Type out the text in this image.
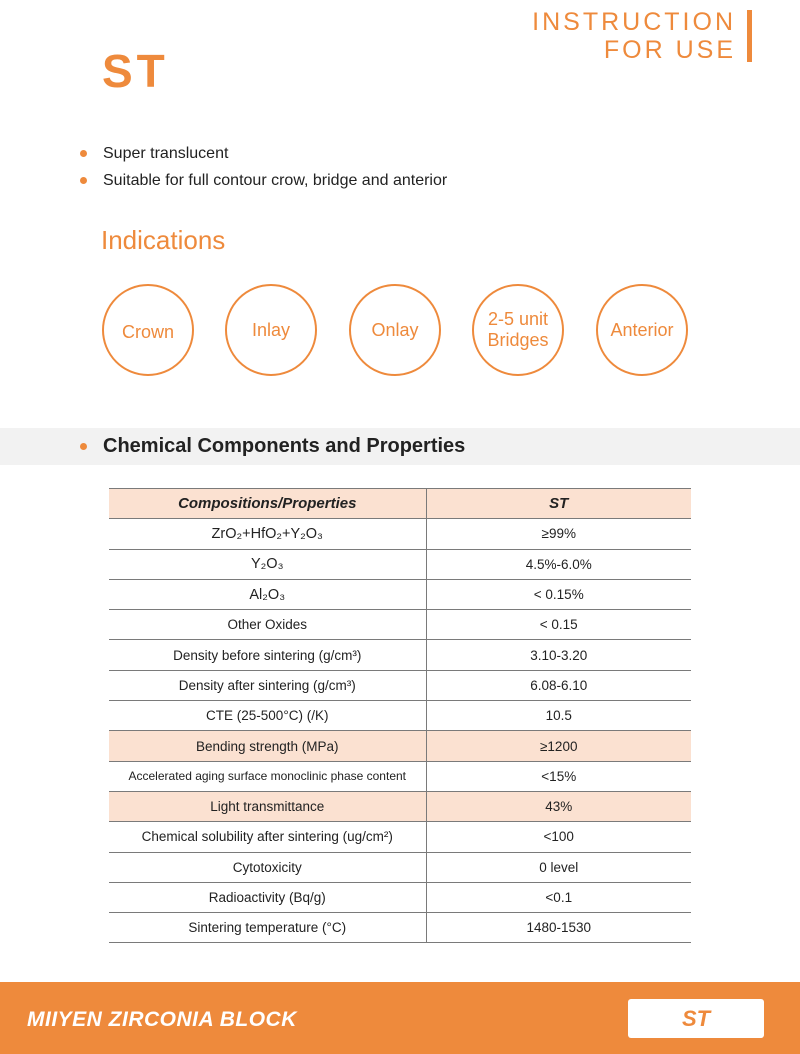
INSTRUCTION
FOR USE
ST
Super translucent
Suitable for full contour crow, bridge and anterior
Indications
Crown	Inlay	Onlay
2-5 unit
Bridges
Anterior
Chemical Components and Properties
Compositions/Properties	ST
ZrO₂+HfO₂+Y₂O₃	≥99%
Y₂O₃	4.5%-6.0%
Al₂O₃	< 0.15%
Other Oxides	< 0.15
Density before sintering (g/cm³)	3.10-3.20
Density after sintering (g/cm³)	6.08-6.10
CTE (25-500°C) (/K)	10.5
Bending strength (MPa)	≥1200
Accelerated aging surface monoclinic phase content	<15%
Light transmittance	43%
Chemical solubility after sintering (ug/cm²)	<100
Cytotoxicity	0 level
Radioactivity (Bq/g)	<0.1
Sintering temperature (°C)	1480-1530
MIIYEN ZIRCONIA BLOCK	ST
